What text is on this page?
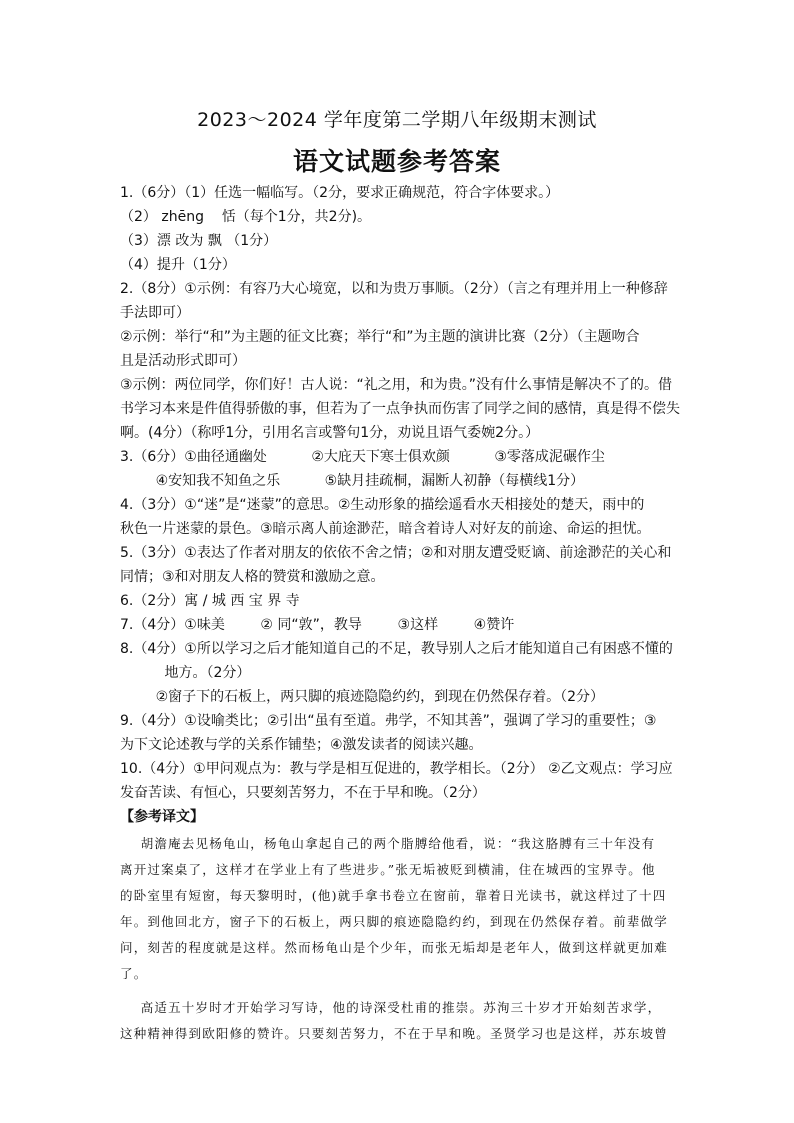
2023～2024 学年度第二学期八年级期末测试
语文试题参考答案
1.（6分）（1）任选一幅临写。（2分，要求正确规范，符合字体要求。）
（2） zhēng    恬（每个1分，共2分)。
（3）漂 改为 飘 （1分）
（4）提升（1分）
2.（8分）①示例：有容乃大心境宽，以和为贵万事顺。（2分）（言之有理并用上一种修辞
手法即可）
②示例：举行“和”为主题的征文比赛；举行“和”为主题的演讲比赛（2分）（主题吻合
且是活动形式即可）
③示例：两位同学，你们好！古人说：“礼之用，和为贵。”没有什么事情是解决不了的。借
书学习本来是件值得骄傲的事，但若为了一点争执而伤害了同学之间的感情，真是得不偿失
啊。(4分）（称呼1分，引用名言或警句1分，劝说且语气委婉2分。）
3.（6分）①曲径通幽处          ②大庇天下寒士俱欢颜          ③零落成泥碾作尘
④安知我不知鱼之乐          ⑤缺月挂疏桐，漏断人初静（每横线1分）
4.（3分）①“迷”是“迷蒙”的意思。②生动形象的描绘遥看水天相接处的楚天，雨中的
秋色一片迷蒙的景色。③暗示离人前途渺茫，暗含着诗人对好友的前途、命运的担忧。
5.（3分）①表达了作者对朋友的依依不舍之情；②和对朋友遭受贬谪、前途渺茫的关心和
同情；③和对朋友人格的赞赏和激励之意。
6.（2分）寓 / 城 西 宝 界 寺
7.（4分）①味美        ② 同“敦”，教导        ③这样        ④赞许
8.（4分）①所以学习之后才能知道自己的不足，教导别人之后才能知道自己有困惑不懂的
地方。（2分）
②窗子下的石板上，两只脚的痕迹隐隐约约，到现在仍然保存着。（2分）
9.（4分）①设喻类比；②引出“虽有至道。弗学，不知其善”，强调了学习的重要性；③
为下文论述教与学的关系作铺垫；④激发读者的阅读兴趣。
10.（4分）①甲问观点为：教与学是相互促进的，教学相长。（2分） ②乙文观点：学习应
发奋苦读、有恒心，只要刻苦努力，不在于早和晚。（2分）
【参考译文】
胡澹庵去见杨龟山，杨龟山拿起自己的两个脂膊给他看，说：“我这胳膊有三十年没有
离开过案桌了，这样才在学业上有了些进步。”张无垢被贬到横浦，住在城西的宝界寺。他
的卧室里有短窗，每天黎明时，(他)就手拿书卷立在窗前，靠着日光读书，就这样过了十四
年。到他回北方，窗子下的石板上，两只脚的痕迹隐隐约约，到现在仍然保存着。前辈做学
问，刻苦的程度就是这样。然而杨龟山是个少年，而张无垢却是老年人，做到这样就更加难
了。
高适五十岁时才开始学习写诗，他的诗深受杜甫的推崇。苏洵三十岁才开始刻苦求学，
这种精神得到欧阳修的赞许。只要刻苦努力，不在于早和晚。圣贤学习也是这样，苏东坡曾
